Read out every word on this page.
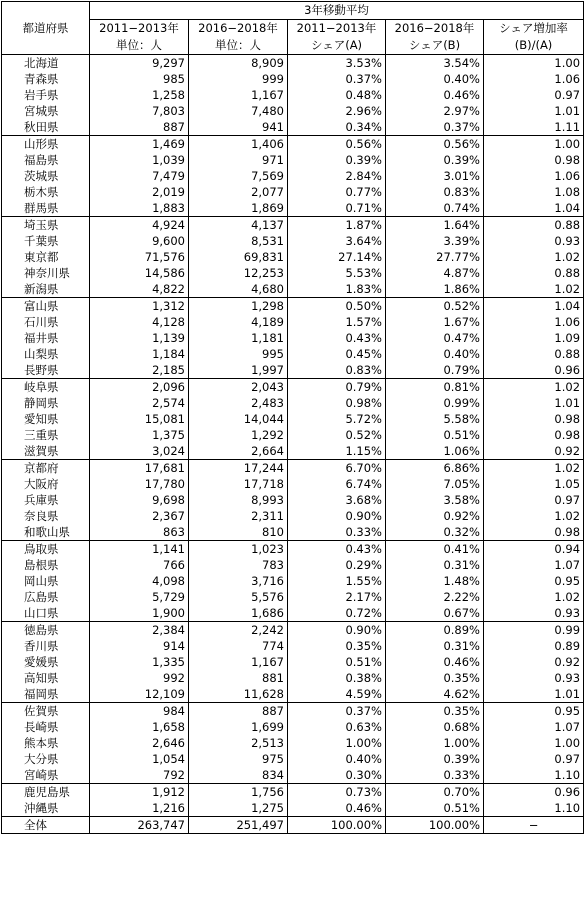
都道府県	3年移動平均				
	2011−2013年	2016−2018年	2011−2013年	2016−2018年	シェア増加率
	単位：人	単位：人	シェア(A)	シェア(B)	(B)/(A)
北海道	9,297	8,909	3.53%	3.54%	1.00
青森県	985	999	0.37%	0.40%	1.06
岩手県	1,258	1,167	0.48%	0.46%	0.97
宮城県	7,803	7,480	2.96%	2.97%	1.01
秋田県	887	941	0.34%	0.37%	1.11
山形県	1,469	1,406	0.56%	0.56%	1.00
福島県	1,039	971	0.39%	0.39%	0.98
茨城県	7,479	7,569	2.84%	3.01%	1.06
栃木県	2,019	2,077	0.77%	0.83%	1.08
群馬県	1,883	1,869	0.71%	0.74%	1.04
埼玉県	4,924	4,137	1.87%	1.64%	0.88
千葉県	9,600	8,531	3.64%	3.39%	0.93
東京都	71,576	69,831	27.14%	27.77%	1.02
神奈川県	14,586	12,253	5.53%	4.87%	0.88
新潟県	4,822	4,680	1.83%	1.86%	1.02
富山県	1,312	1,298	0.50%	0.52%	1.04
石川県	4,128	4,189	1.57%	1.67%	1.06
福井県	1,139	1,181	0.43%	0.47%	1.09
山梨県	1,184	995	0.45%	0.40%	0.88
長野県	2,185	1,997	0.83%	0.79%	0.96
岐阜県	2,096	2,043	0.79%	0.81%	1.02
静岡県	2,574	2,483	0.98%	0.99%	1.01
愛知県	15,081	14,044	5.72%	5.58%	0.98
三重県	1,375	1,292	0.52%	0.51%	0.98
滋賀県	3,024	2,664	1.15%	1.06%	0.92
京都府	17,681	17,244	6.70%	6.86%	1.02
大阪府	17,780	17,718	6.74%	7.05%	1.05
兵庫県	9,698	8,993	3.68%	3.58%	0.97
奈良県	2,367	2,311	0.90%	0.92%	1.02
和歌山県	863	810	0.33%	0.32%	0.98
鳥取県	1,141	1,023	0.43%	0.41%	0.94
島根県	766	783	0.29%	0.31%	1.07
岡山県	4,098	3,716	1.55%	1.48%	0.95
広島県	5,729	5,576	2.17%	2.22%	1.02
山口県	1,900	1,686	0.72%	0.67%	0.93
徳島県	2,384	2,242	0.90%	0.89%	0.99
香川県	914	774	0.35%	0.31%	0.89
愛媛県	1,335	1,167	0.51%	0.46%	0.92
高知県	992	881	0.38%	0.35%	0.93
福岡県	12,109	11,628	4.59%	4.62%	1.01
佐賀県	984	887	0.37%	0.35%	0.95
長崎県	1,658	1,699	0.63%	0.68%	1.07
熊本県	2,646	2,513	1.00%	1.00%	1.00
大分県	1,054	975	0.40%	0.39%	0.97
宮崎県	792	834	0.30%	0.33%	1.10
鹿児島県	1,912	1,756	0.73%	0.70%	0.96
沖縄県	1,216	1,275	0.46%	0.51%	1.10
全体	263,747	251,497	100.00%	100.00%	−
